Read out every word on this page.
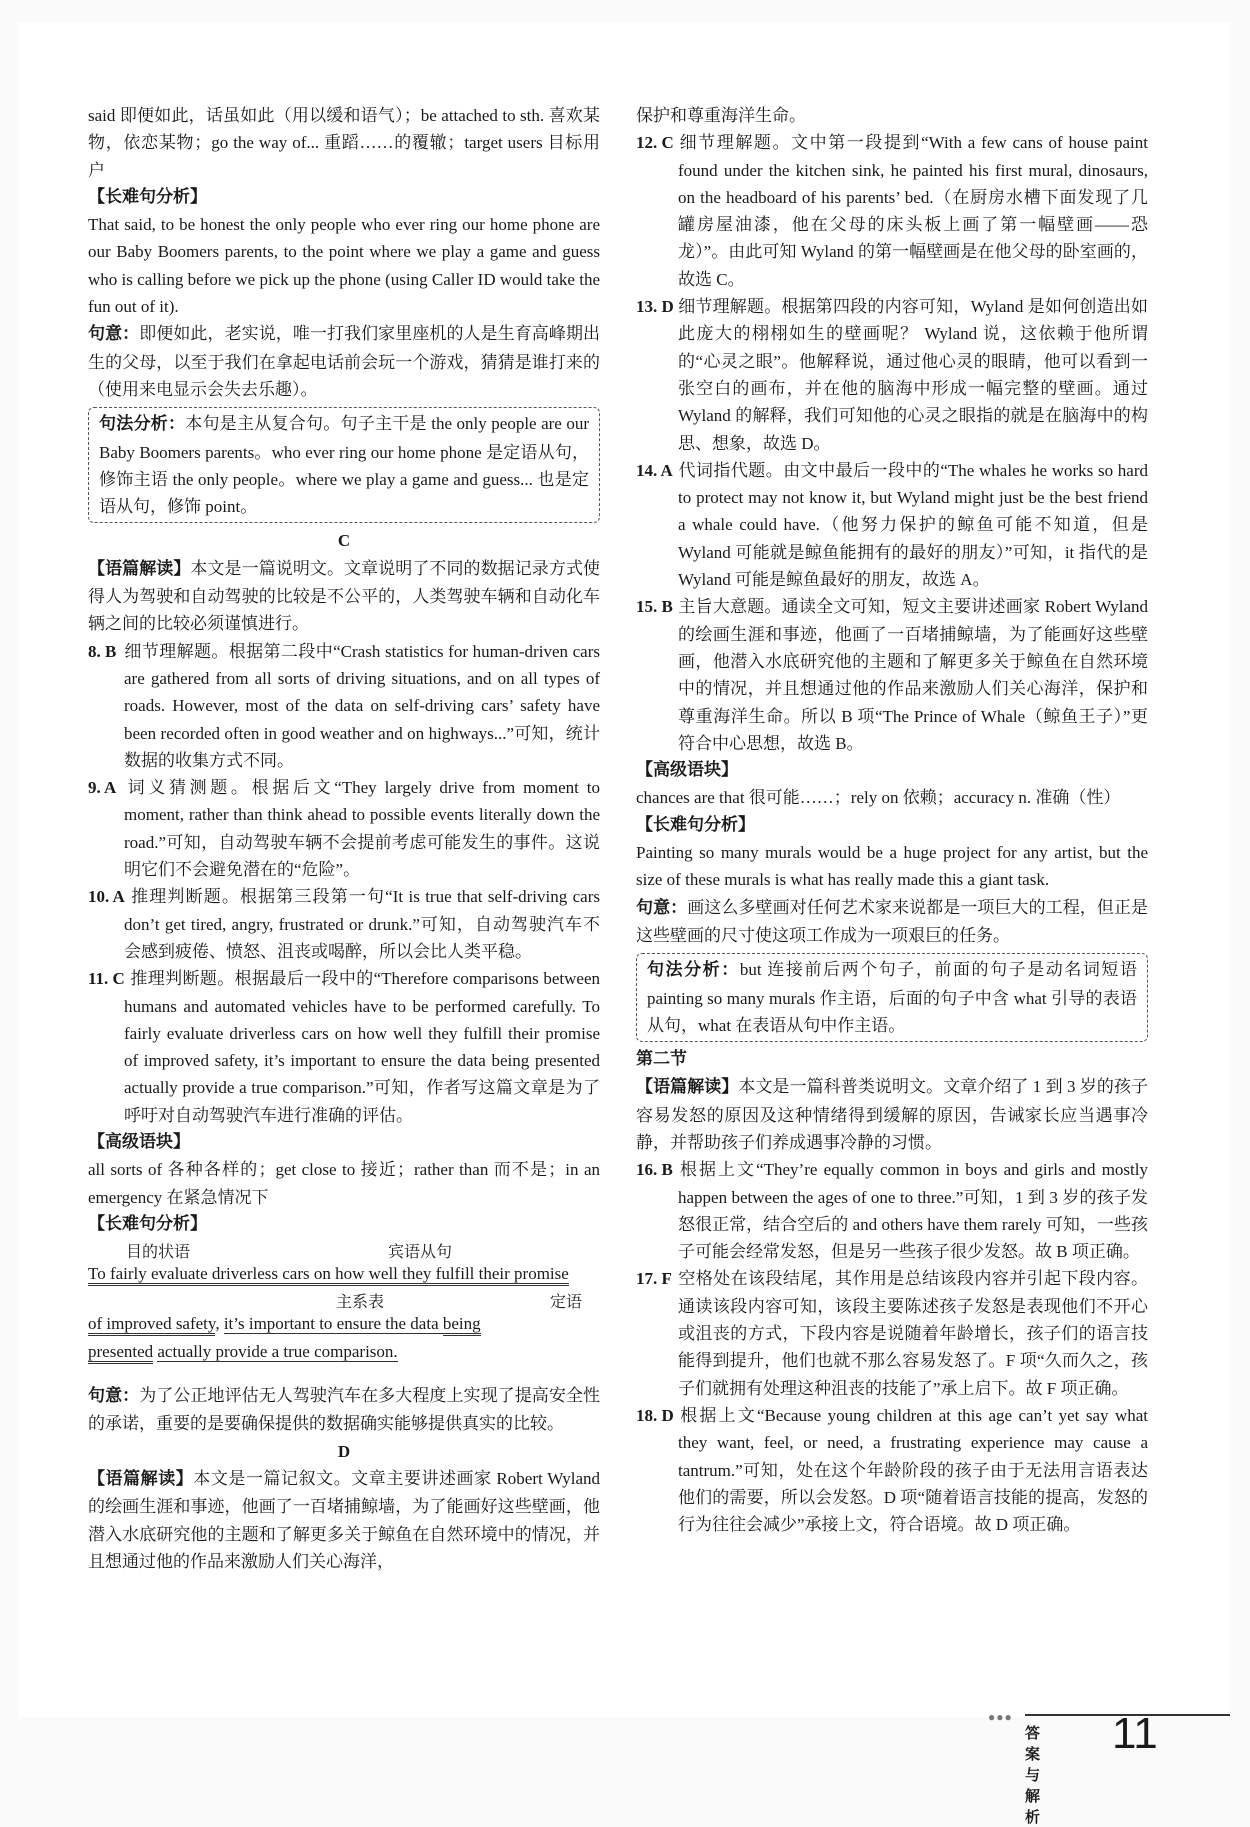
said 即便如此，话虽如此（用以缓和语气）；be attached to sth. 喜欢某物，依恋某物；go the way of... 重蹈……的覆辙；target users 目标用户

【长难句分析】

That said, to be honest the only people who ever ring our home phone are our Baby Boomers parents, to the point where we play a game and guess who is calling before we pick up the phone (using Caller ID would take the fun out of it).

句意：即便如此，老实说，唯一打我们家里座机的人是生育高峰期出生的父母，以至于我们在拿起电话前会玩一个游戏，猜猜是谁打来的（使用来电显示会失去乐趣）。

句法分析：本句是主从复合句。句子主干是 the only people are our Baby Boomers parents。who ever ring our home phone 是定语从句，修饰主语 the only people。where we play a game and guess... 也是定语从句，修饰 point。

C

【语篇解读】本文是一篇说明文。文章说明了不同的数据记录方式使得人为驾驶和自动驾驶的比较是不公平的，人类驾驶车辆和自动化车辆之间的比较必须谨慎进行。

8. B 细节理解题。根据第二段中“Crash statistics for human-driven cars are gathered from all sorts of driving situations, and on all types of roads. However, most of the data on self-driving cars’ safety have been recorded often in good weather and on highways...”可知，统计数据的收集方式不同。

9. A 词义猜测题。根据后文“They largely drive from moment to moment, rather than think ahead to possible events literally down the road.”可知，自动驾驶车辆不会提前考虑可能发生的事件。这说明它们不会避免潜在的“危险”。

10. A 推理判断题。根据第三段第一句“It is true that self-driving cars don’t get tired, angry, frustrated or drunk.”可知，自动驾驶汽车不会感到疲倦、愤怒、沮丧或喝醉，所以会比人类平稳。

11. C 推理判断题。根据最后一段中的“Therefore comparisons between humans and automated vehicles have to be performed carefully. To fairly evaluate driverless cars on how well they fulfill their promise of improved safety, it’s important to ensure the data being presented actually provide a true comparison.”可知，作者写这篇文章是为了呼吁对自动驾驶汽车进行准确的评估。

【高级语块】

all sorts of 各种各样的；get close to 接近；rather than 而不是；in an emergency 在紧急情况下

【长难句分析】

目的状语	宾语从句
To fairly evaluate driverless cars on how well they fulfill their promise
主系表	定语
of improved safety, it’s important to ensure the data being
presented actually provide a true comparison.

句意：为了公正地评估无人驾驶汽车在多大程度上实现了提高安全性的承诺，重要的是要确保提供的数据确实能够提供真实的比较。

D

【语篇解读】本文是一篇记叙文。文章主要讲述画家 Robert Wyland 的绘画生涯和事迹，他画了一百堵捕鲸墙，为了能画好这些壁画，他潜入水底研究他的主题和了解更多关于鲸鱼在自然环境中的情况，并且想通过他的作品来激励人们关心海洋，

保护和尊重海洋生命。

12. C 细节理解题。文中第一段提到“With a few cans of house paint found under the kitchen sink, he painted his first mural, dinosaurs, on the headboard of his parents’ bed.（在厨房水槽下面发现了几罐房屋油漆，他在父母的床头板上画了第一幅壁画——恐龙）”。由此可知 Wyland 的第一幅壁画是在他父母的卧室画的，故选 C。

13. D 细节理解题。根据第四段的内容可知，Wyland 是如何创造出如此庞大的栩栩如生的壁画呢？ Wyland 说，这依赖于他所谓的“心灵之眼”。他解释说，通过他心灵的眼睛，他可以看到一张空白的画布，并在他的脑海中形成一幅完整的壁画。通过 Wyland 的解释，我们可知他的心灵之眼指的就是在脑海中的构思、想象，故选 D。

14. A 代词指代题。由文中最后一段中的“The whales he works so hard to protect may not know it, but Wyland might just be the best friend a whale could have.（他努力保护的鲸鱼可能不知道，但是 Wyland 可能就是鲸鱼能拥有的最好的朋友）”可知，it 指代的是 Wyland 可能是鲸鱼最好的朋友，故选 A。

15. B 主旨大意题。通读全文可知，短文主要讲述画家 Robert Wyland 的绘画生涯和事迹，他画了一百堵捕鲸墙，为了能画好这些壁画，他潜入水底研究他的主题和了解更多关于鲸鱼在自然环境中的情况，并且想通过他的作品来激励人们关心海洋，保护和尊重海洋生命。所以 B 项“The Prince of Whale（鲸鱼王子）”更符合中心思想，故选 B。

【高级语块】

chances are that 很可能……；rely on 依赖；accuracy n. 准确（性）

【长难句分析】

Painting so many murals would be a huge project for any artist, but the size of these murals is what has really made this a giant task.

句意：画这么多壁画对任何艺术家来说都是一项巨大的工程，但正是这些壁画的尺寸使这项工作成为一项艰巨的任务。

句法分析：but 连接前后两个句子，前面的句子是动名词短语 painting so many murals 作主语，后面的句子中含 what 引导的表语从句，what 在表语从句中作主语。

第二节

【语篇解读】本文是一篇科普类说明文。文章介绍了 1 到 3 岁的孩子容易发怒的原因及这种情绪得到缓解的原因，告诫家长应当遇事冷静，并帮助孩子们养成遇事冷静的习惯。

16. B 根据上文“They’re equally common in boys and girls and mostly happen between the ages of one to three.”可知，1 到 3 岁的孩子发怒很正常，结合空后的 and others have them rarely 可知，一些孩子可能会经常发怒，但是另一些孩子很少发怒。故 B 项正确。

17. F 空格处在该段结尾，其作用是总结该段内容并引起下段内容。通读该段内容可知，该段主要陈述孩子发怒是表现他们不开心或沮丧的方式，下段内容是说随着年龄增长，孩子们的语言技能得到提升，他们也就不那么容易发怒了。F 项“久而久之，孩子们就拥有处理这种沮丧的技能了”承上启下。故 F 项正确。

18. D 根据上文“Because young children at this age can’t yet say what they want, feel, or need, a frustrating experience may cause a tantrum.”可知，处在这个年龄阶段的孩子由于无法用言语表达他们的需要，所以会发怒。D 项“随着语言技能的提高，发怒的行为往往会减少”承接上文，符合语境。故 D 项正确。

●●●
答案与解析
11
